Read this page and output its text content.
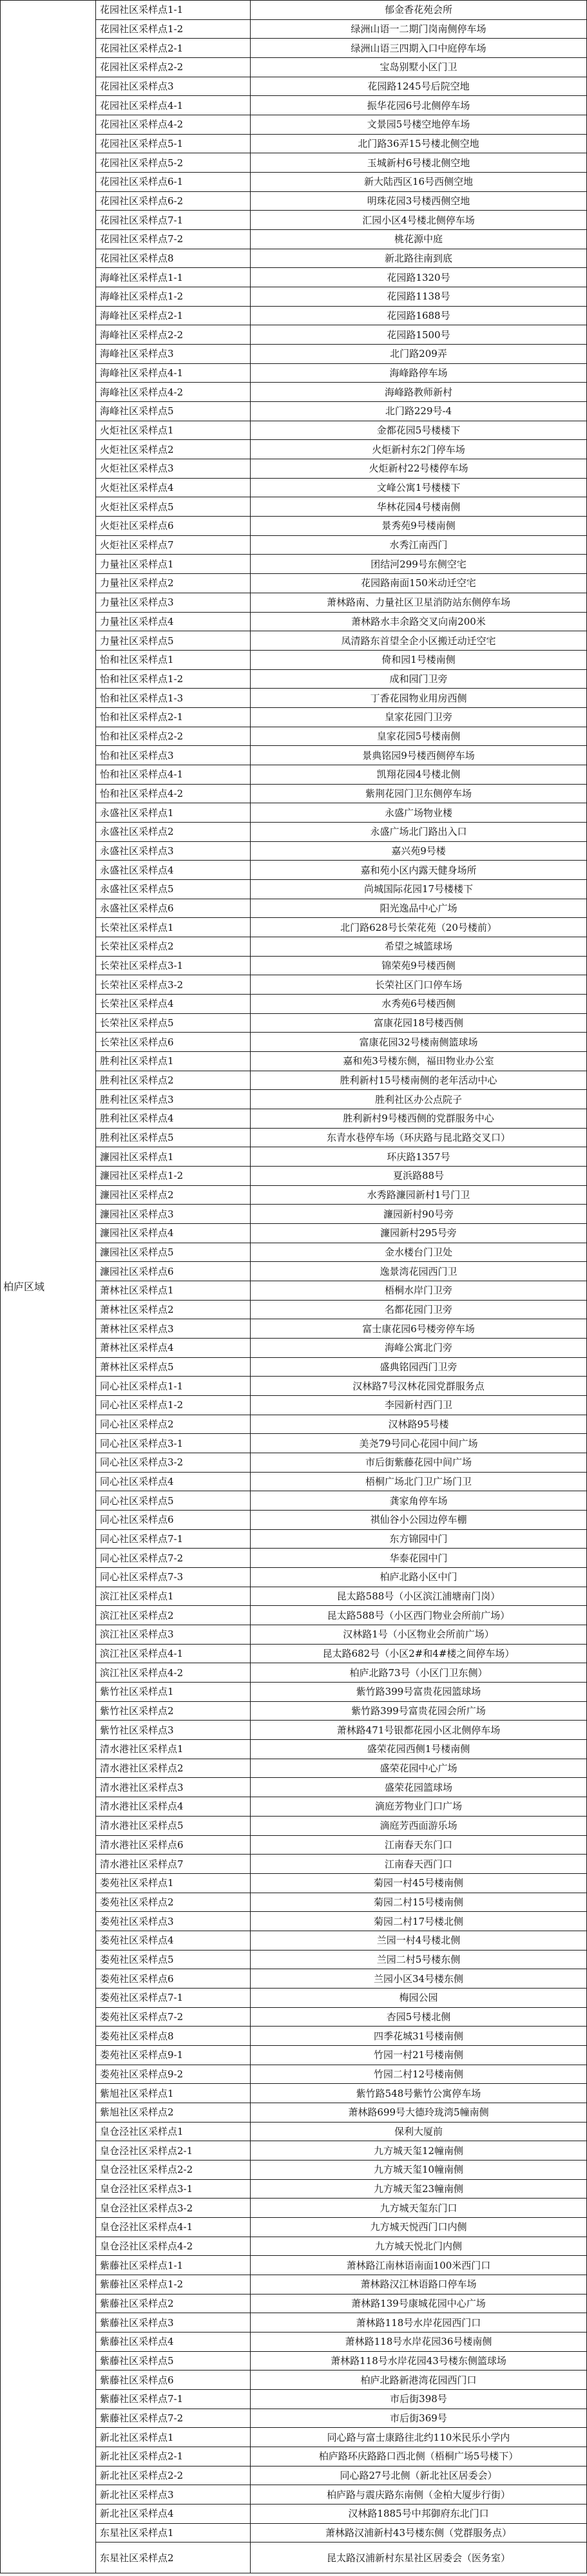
柏庐区域	花园社区采样点1-1	郁金香花苑会所
	花园社区采样点1-2	绿洲山语一二期门岗南侧停车场
	花园社区采样点2-1	绿洲山语三四期入口中庭停车场
	花园社区采样点2-2	宝岛别墅小区门卫
	花园社区采样点3	花园路1245号后院空地
	花园社区采样点4-1	振华花园6号北侧停车场
	花园社区采样点4-2	文景园5号楼空地停车场
	花园社区采样点5-1	北门路36弄15号楼北侧空地
	花园社区采样点5-2	玉城新村6号楼北侧空地
	花园社区采样点6-1	新大陆西区16号西侧空地
	花园社区采样点6-2	明珠花园3号楼西侧空地
	花园社区采样点7-1	汇园小区4号楼北侧停车场
	花园社区采样点7-2	桃花源中庭
	花园社区采样点8	新北路往南到底
	海峰社区采样点1-1	花园路1320号
	海峰社区采样点1-2	花园路1138号
	海峰社区采样点2-1	花园路1688号
	海峰社区采样点2-2	花园路1500号
	海峰社区采样点3	北门路209弄
	海峰社区采样点4-1	海峰路停车场
	海峰社区采样点4-2	海峰路教师新村
	海峰社区采样点5	北门路229号-4
	火炬社区采样点1	金都花园5号楼楼下
	火炬社区采样点2	火炬新村东2门停车场
	火炬社区采样点3	火炬新村22号楼停车场
	火炬社区采样点4	文峰公寓1号楼楼下
	火炬社区采样点5	华林花园4号楼南侧
	火炬社区采样点6	景秀苑9号楼南侧
	火炬社区采样点7	水秀江南西门
	力量社区采样点1	团结河299号东侧空宅
	力量社区采样点2	花园路南面150米动迁空宅
	力量社区采样点3	萧林路南、力量社区卫星消防站东侧停车场
	力量社区采样点4	萧林路水丰余路交叉向南200米
	力量社区采样点5	凤清路东首望全企小区搬迁动迁空宅
	怡和社区采样点1	倚和园1号楼南侧
	怡和社区采样点1-2	成和园门卫旁
	怡和社区采样点1-3	丁香花园物业用房西侧
	怡和社区采样点2-1	皇家花园门卫旁
	怡和社区采样点2-2	皇家花园5号楼南侧
	怡和社区采样点3	景典铭园9号楼西侧停车场
	怡和社区采样点4-1	凯翔花园4号楼北侧
	怡和社区采样点4-2	紫荆花园门卫东侧停车场
	永盛社区采样点1	永盛广场物业楼
	永盛社区采样点2	永盛广场北门路出入口
	永盛社区采样点3	嘉兴苑9号楼
	永盛社区采样点4	嘉和苑小区内露天健身场所
	永盛社区采样点5	尚城国际花园17号楼楼下
	永盛社区采样点6	阳光逸品中心广场
	长荣社区采样点1	北门路628号长荣花苑（20号楼前）
	长荣社区采样点2	希望之城篮球场
	长荣社区采样点3-1	锦荣苑9号楼西侧
	长荣社区采样点3-2	长荣社区门口停车场
	长荣社区采样点4	水秀苑6号楼西侧
	长荣社区采样点5	富康花园18号楼西侧
	长荣社区采样点6	富康花园32号楼南侧篮球场
	胜利社区采样点1	嘉和苑3号楼东侧，福田物业办公室
	胜利社区采样点2	胜利新村15号楼南侧的老年活动中心
	胜利社区采样点3	胜利社区办公点院子
	胜利社区采样点4	胜利新村9号楼西侧的党群服务中心
	胜利社区采样点5	东青水巷停车场（环庆路与昆北路交叉口）
	濂园社区采样点1	环庆路1357号
	濂园社区采样点1-2	夏浜路88号
	濂园社区采样点2	水秀路濂园新村1号门卫
	濂园社区采样点3	濂园新村90号旁
	濂园社区采样点4	濂园新村295号旁
	濂园社区采样点5	金水楼台门卫处
	濂园社区采样点6	逸景湾花园西门卫
	萧林社区采样点1	梧桐水岸门卫旁
	萧林社区采样点2	名都花园门卫旁
	萧林社区采样点3	富士康花园6号楼旁停车场
	萧林社区采样点4	海峰公寓北门旁
	萧林社区采样点5	盛典铭园西门卫旁
	同心社区采样点1-1	汉林路7号汉林花园党群服务点
	同心社区采样点1-2	李园新村西门卫
	同心社区采样点2	汉林路95号楼
	同心社区采样点3-1	美尧79号同心花园中间广场
	同心社区采样点3-2	市后街紫藤花园中间广场
	同心社区采样点4	梧桐广场北门卫广场门卫
	同心社区采样点5	龚家角停车场
	同心社区采样点6	祺仙谷小公园边停车棚
	同心社区采样点7-1	东方锦园中门
	同心社区采样点7-2	华泰花园中门
	同心社区采样点7-3	柏庐北路小区中门
	滨江社区采样点1	昆太路588号（小区滨江浦塘南门岗）
	滨江社区采样点2	昆太路588号（小区西门物业会所前广场）
	滨江社区采样点3	汉林路1号（小区物业会所前广场）
	滨江社区采样点4-1	昆太路682号（小区2#和4#楼之间停车场）
	滨江社区采样点4-2	柏庐北路73号（小区门卫东侧）
	紫竹社区采样点1	紫竹路399号富贵花园篮球场
	紫竹社区采样点2	紫竹路399号富贵花园会所广场
	紫竹社区采样点3	萧林路471号银都花园小区北侧停车场
	清水港社区采样点1	盛荣花园西侧1号楼南侧
	清水港社区采样点2	盛荣花园中心广场
	清水港社区采样点3	盛荣花园篮球场
	清水港社区采样点4	滴庭芳物业门口广场
	清水港社区采样点5	滴庭芳西面游乐场
	清水港社区采样点6	江南春天东门口
	清水港社区采样点7	江南春天西门口
	娄苑社区采样点1	菊园一村45号楼南侧
	娄苑社区采样点2	菊园二村15号楼南侧
	娄苑社区采样点3	菊园二村17号楼北侧
	娄苑社区采样点4	兰园一村4号楼北侧
	娄苑社区采样点5	兰园二村5号楼东侧
	娄苑社区采样点6	兰园小区34号楼东侧
	娄苑社区采样点7-1	梅园公园
	娄苑社区采样点7-2	杏园5号楼北侧
	娄苑社区采样点8	四季花城31号楼南侧
	娄苑社区采样点9-1	竹园一村21号楼南侧
	娄苑社区采样点9-2	竹园二村12号楼南侧
	紫旭社区采样点1	紫竹路548号紫竹公寓停车场
	紫旭社区采样点2	萧林路699号大德玲珑湾5幢南侧
	皇仓泾社区采样点1	保利大厦前
	皇仓泾社区采样点2-1	九方城天玺12幢南侧
	皇仓泾社区采样点2-2	九方城天玺10幢南侧
	皇仓泾社区采样点3-1	九方城天玺23幢南侧
	皇仓泾社区采样点3-2	九方城天玺东门口
	皇仓泾社区采样点4-1	九方城天悦西门口内侧
	皇仓泾社区采样点4-2	九方城天悦北门内侧
	紫藤社区采样点1-1	萧林路江南林语南面100米西门口
	紫藤社区采样点1-2	萧林路汉江林语路口停车场
	紫藤社区采样点2	萧林路139号康城花园中心广场
	紫藤社区采样点3	萧林路118号水岸花园西门口
	紫藤社区采样点4	萧林路118号水岸花园36号楼南侧
	紫藤社区采样点5	萧林路118号水岸花园43号楼东侧篮球场
	紫藤社区采样点6	柏庐北路新港湾花园西门口
	紫藤社区采样点7-1	市后街398号
	紫藤社区采样点7-2	市后街369号
	新北社区采样点1	同心路与富士康路往北约110米民乐小学内
	新北社区采样点2-1	柏庐路环庆路路口西北侧（梧桐广场5号楼下）
	新北社区采样点2-2	同心路27号北侧（新北社区居委会）
	新北社区采样点3	柏庐路与震庆路东南侧（金柏大厦步行街）
	新北社区采样点4	汉林路1885号中邦御府东北门口
	东星社区采样点1	萧林路汉浦新村43号楼东侧（党群服务点）
	东星社区采样点2	昆太路汉浦新村东星社区居委会（医务室）
